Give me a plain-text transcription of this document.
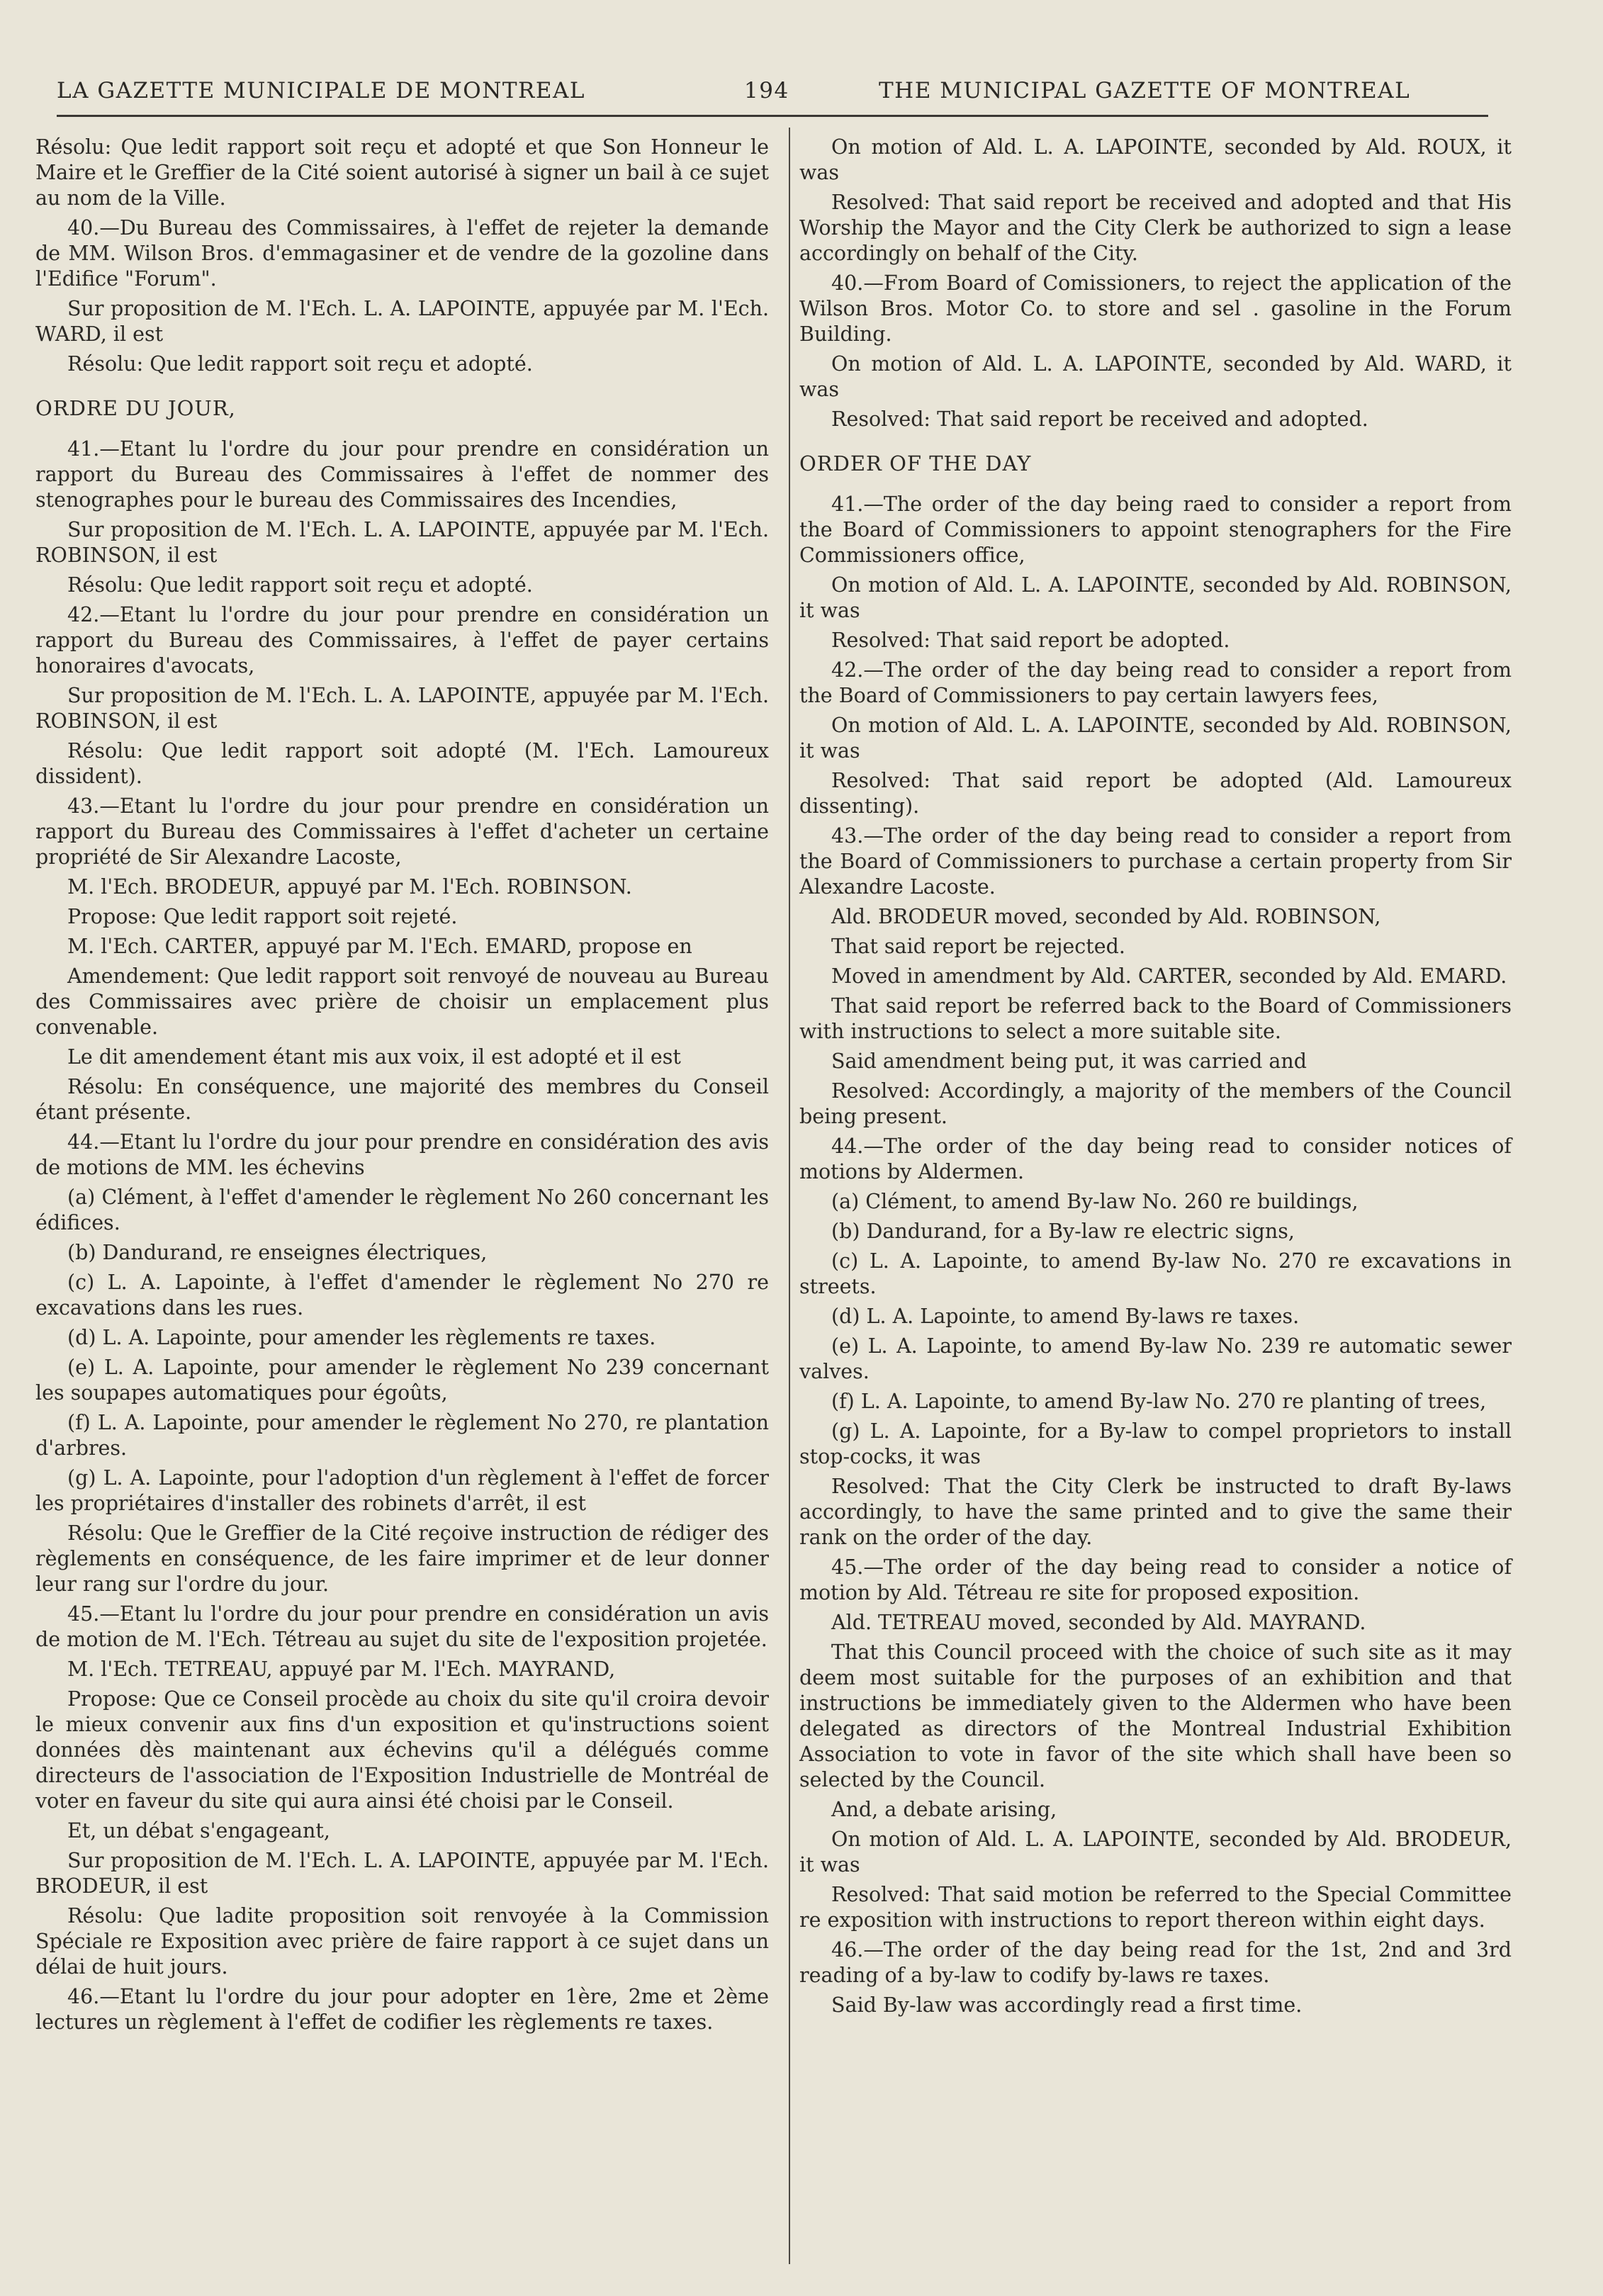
LA GAZETTE MUNICIPALE DE MONTREAL	194	THE MUNICIPAL GAZETTE OF MONTREAL

Résolu: Que ledit rapport soit reçu et adopté et que Son Honneur le Maire et le Greffier de la Cité soient autorisé à signer un bail à ce sujet au nom de la Ville.

40.—Du Bureau des Commissaires, à l'effet de rejeter la demande de MM. Wilson Bros. d'emmagasiner et de vendre de la gozoline dans l'Edifice "Forum".

Sur proposition de M. l'Ech. L. A. LAPOINTE, appuyée par M. l'Ech. WARD, il est

Résolu: Que ledit rapport soit reçu et adopté.

ORDRE DU JOUR,

41.—Etant lu l'ordre du jour pour prendre en considération un rapport du Bureau des Commissaires à l'effet de nommer des stenographes pour le bureau des Commissaires des Incendies,

Sur proposition de M. l'Ech. L. A. LAPOINTE, appuyée par M. l'Ech. ROBINSON, il est

Résolu: Que ledit rapport soit reçu et adopté.

42.—Etant lu l'ordre du jour pour prendre en considération un rapport du Bureau des Commissaires, à l'effet de payer certains honoraires d'avocats,

Sur proposition de M. l'Ech. L. A. LAPOINTE, appuyée par M. l'Ech. ROBINSON, il est

Résolu: Que ledit rapport soit adopté (M. l'Ech. Lamoureux dissident).

43.—Etant lu l'ordre du jour pour prendre en considération un rapport du Bureau des Commissaires à l'effet d'acheter un certaine propriété de Sir Alexandre Lacoste,

M. l'Ech. BRODEUR, appuyé par M. l'Ech. ROBINSON.

Propose: Que ledit rapport soit rejeté.

M. l'Ech. CARTER, appuyé par M. l'Ech. EMARD, propose en

Amendement: Que ledit rapport soit renvoyé de nouveau au Bureau des Commissaires avec prière de choisir un emplacement plus convenable.

Le dit amendement étant mis aux voix, il est adopté et il est

Résolu: En conséquence, une majorité des membres du Conseil étant présente.

44.—Etant lu l'ordre du jour pour prendre en considération des avis de motions de MM. les échevins

(a) Clément, à l'effet d'amender le règlement No 260 concernant les édifices.

(b) Dandurand, re enseignes électriques,

(c) L. A. Lapointe, à l'effet d'amender le règlement No 270 re excavations dans les rues.

(d) L. A. Lapointe, pour amender les règlements re taxes.

(e) L. A. Lapointe, pour amender le règlement No 239 concernant les soupapes automatiques pour égoûts,

(f) L. A. Lapointe, pour amender le règlement No 270, re plantation d'arbres.

(g) L. A. Lapointe, pour l'adoption d'un règlement à l'effet de forcer les propriétaires d'installer des robinets d'arrêt, il est

Résolu: Que le Greffier de la Cité reçoive instruction de rédiger des règlements en conséquence, de les faire imprimer et de leur donner leur rang sur l'ordre du jour.

45.—Etant lu l'ordre du jour pour prendre en considération un avis de motion de M. l'Ech. Tétreau au sujet du site de l'exposition projetée.

M. l'Ech. TETREAU, appuyé par M. l'Ech. MAYRAND,

Propose: Que ce Conseil procède au choix du site qu'il croira devoir le mieux convenir aux fins d'un exposition et qu'instructions soient données dès maintenant aux échevins qu'il a délégués comme directeurs de l'association de l'Exposition Industrielle de Montréal de voter en faveur du site qui aura ainsi été choisi par le Conseil.

Et, un débat s'engageant,

Sur proposition de M. l'Ech. L. A. LAPOINTE, appuyée par M. l'Ech. BRODEUR, il est

Résolu: Que ladite proposition soit renvoyée à la Commission Spéciale re Exposition avec prière de faire rapport à ce sujet dans un délai de huit jours.

46.—Etant lu l'ordre du jour pour adopter en 1ère, 2me et 2ème lectures un règlement à l'effet de codifier les règlements re taxes.

On motion of Ald. L. A. LAPOINTE, seconded by Ald. ROUX, it was

Resolved: That said report be received and adopted and that His Worship the Mayor and the City Clerk be authorized to sign a lease accordingly on behalf of the City.

40.—From Board of Comissioners, to reject the application of the Wilson Bros. Motor Co. to store and sel . gasoline in the Forum Building.

On motion of Ald. L. A. LAPOINTE, seconded by Ald. WARD, it was

Resolved: That said report be received and adopted.

ORDER OF THE DAY

41.—The order of the day being raed to consider a report from the Board of Commissioners to appoint stenographers for the Fire Commissioners office,

On motion of Ald. L. A. LAPOINTE, seconded by Ald. ROBINSON, it was

Resolved: That said report be adopted.

42.—The order of the day being read to consider a report from the Board of Commissioners to pay certain lawyers fees,

On motion of Ald. L. A. LAPOINTE, seconded by Ald. ROBINSON, it was

Resolved: That said report be adopted (Ald. Lamoureux dissenting).

43.—The order of the day being read to consider a report from the Board of Commissioners to purchase a certain property from Sir Alexandre Lacoste.

Ald. BRODEUR moved, seconded by Ald. ROBINSON,

That said report be rejected.

Moved in amendment by Ald. CARTER, seconded by Ald. EMARD.

That said report be referred back to the Board of Commissioners with instructions to select a more suitable site.

Said amendment being put, it was carried and

Resolved: Accordingly, a majority of the members of the Council being present.

44.—The order of the day being read to consider notices of motions by Aldermen.

(a) Clément, to amend By-law No. 260 re buildings,

(b) Dandurand, for a By-law re electric signs,

(c) L. A. Lapointe, to amend By-law No. 270 re excavations in streets.

(d) L. A. Lapointe, to amend By-laws re taxes.

(e) L. A. Lapointe, to amend By-law No. 239 re automatic sewer valves.

(f) L. A. Lapointe, to amend By-law No. 270 re planting of trees,

(g) L. A. Lapointe, for a By-law to compel proprietors to install stop-cocks, it was

Resolved: That the City Clerk be instructed to draft By-laws accordingly, to have the same printed and to give the same their rank on the order of the day.

45.—The order of the day being read to consider a notice of motion by Ald. Tétreau re site for proposed exposition.

Ald. TETREAU moved, seconded by Ald. MAYRAND.

That this Council proceed with the choice of such site as it may deem most suitable for the purposes of an exhibition and that instructions be immediately given to the Aldermen who have been delegated as directors of the Montreal Industrial Exhibition Association to vote in favor of the site which shall have been so selected by the Council.

And, a debate arising,

On motion of Ald. L. A. LAPOINTE, seconded by Ald. BRODEUR, it was

Resolved: That said motion be referred to the Special Committee re exposition with instructions to report thereon within eight days.

46.—The order of the day being read for the 1st, 2nd and 3rd reading of a by-law to codify by-laws re taxes.

Said By-law was accordingly read a first time.
